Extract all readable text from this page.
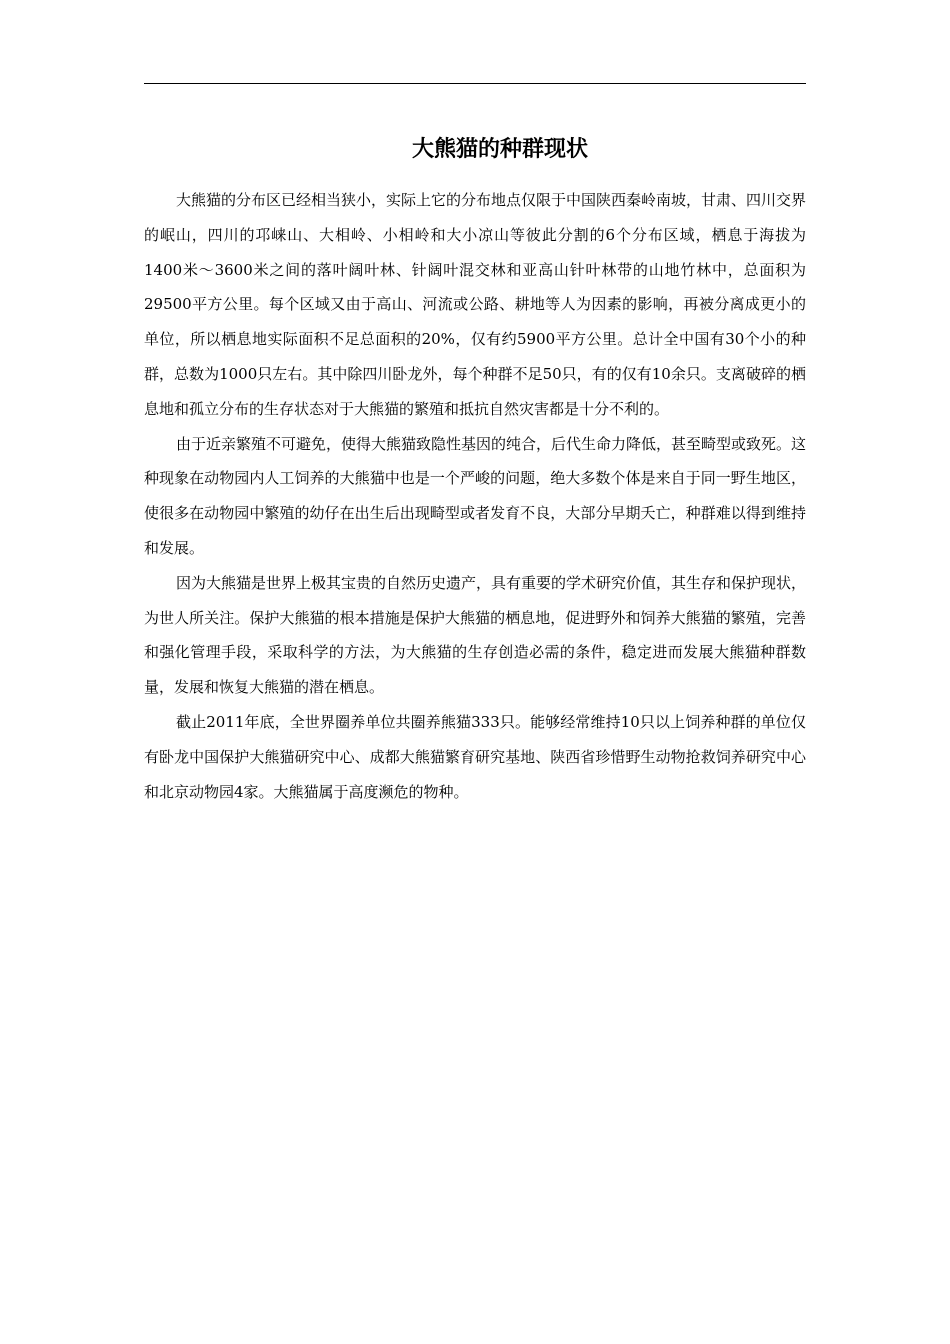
大熊猫的种群现状

大熊猫的分布区已经相当狭小，实际上它的分布地点仅限于中国陕西秦岭南坡，甘肃、四川交界的岷山，四川的邛崃山、大相岭、小相岭和大小凉山等彼此分割的6个分布区域，栖息于海拔为1400米～3600米之间的落叶阔叶林、针阔叶混交林和亚高山针叶林带的山地竹林中，总面积为29500平方公里。每个区域又由于高山、河流或公路、耕地等人为因素的影响，再被分离成更小的单位，所以栖息地实际面积不足总面积的20%，仅有约5900平方公里。总计全中国有30个小的种群，总数为1000只左右。其中除四川卧龙外，每个种群不足50只，有的仅有10余只。支离破碎的栖息地和孤立分布的生存状态对于大熊猫的繁殖和抵抗自然灾害都是十分不利的。

由于近亲繁殖不可避免，使得大熊猫致隐性基因的纯合，后代生命力降低，甚至畸型或致死。这种现象在动物园内人工饲养的大熊猫中也是一个严峻的问题，绝大多数个体是来自于同一野生地区，使很多在动物园中繁殖的幼仔在出生后出现畸型或者发育不良，大部分早期夭亡，种群难以得到维持和发展。

因为大熊猫是世界上极其宝贵的自然历史遗产，具有重要的学术研究价值，其生存和保护现状，为世人所关注。保护大熊猫的根本措施是保护大熊猫的栖息地，促进野外和饲养大熊猫的繁殖，完善和强化管理手段，采取科学的方法，为大熊猫的生存创造必需的条件，稳定进而发展大熊猫种群数量，发展和恢复大熊猫的潜在栖息。

截止2011年底，全世界圈养单位共圈养熊猫333只。能够经常维持10只以上饲养种群的单位仅有卧龙中国保护大熊猫研究中心、成都大熊猫繁育研究基地、陕西省珍惜野生动物抢救饲养研究中心和北京动物园4家。大熊猫属于高度濒危的物种。
